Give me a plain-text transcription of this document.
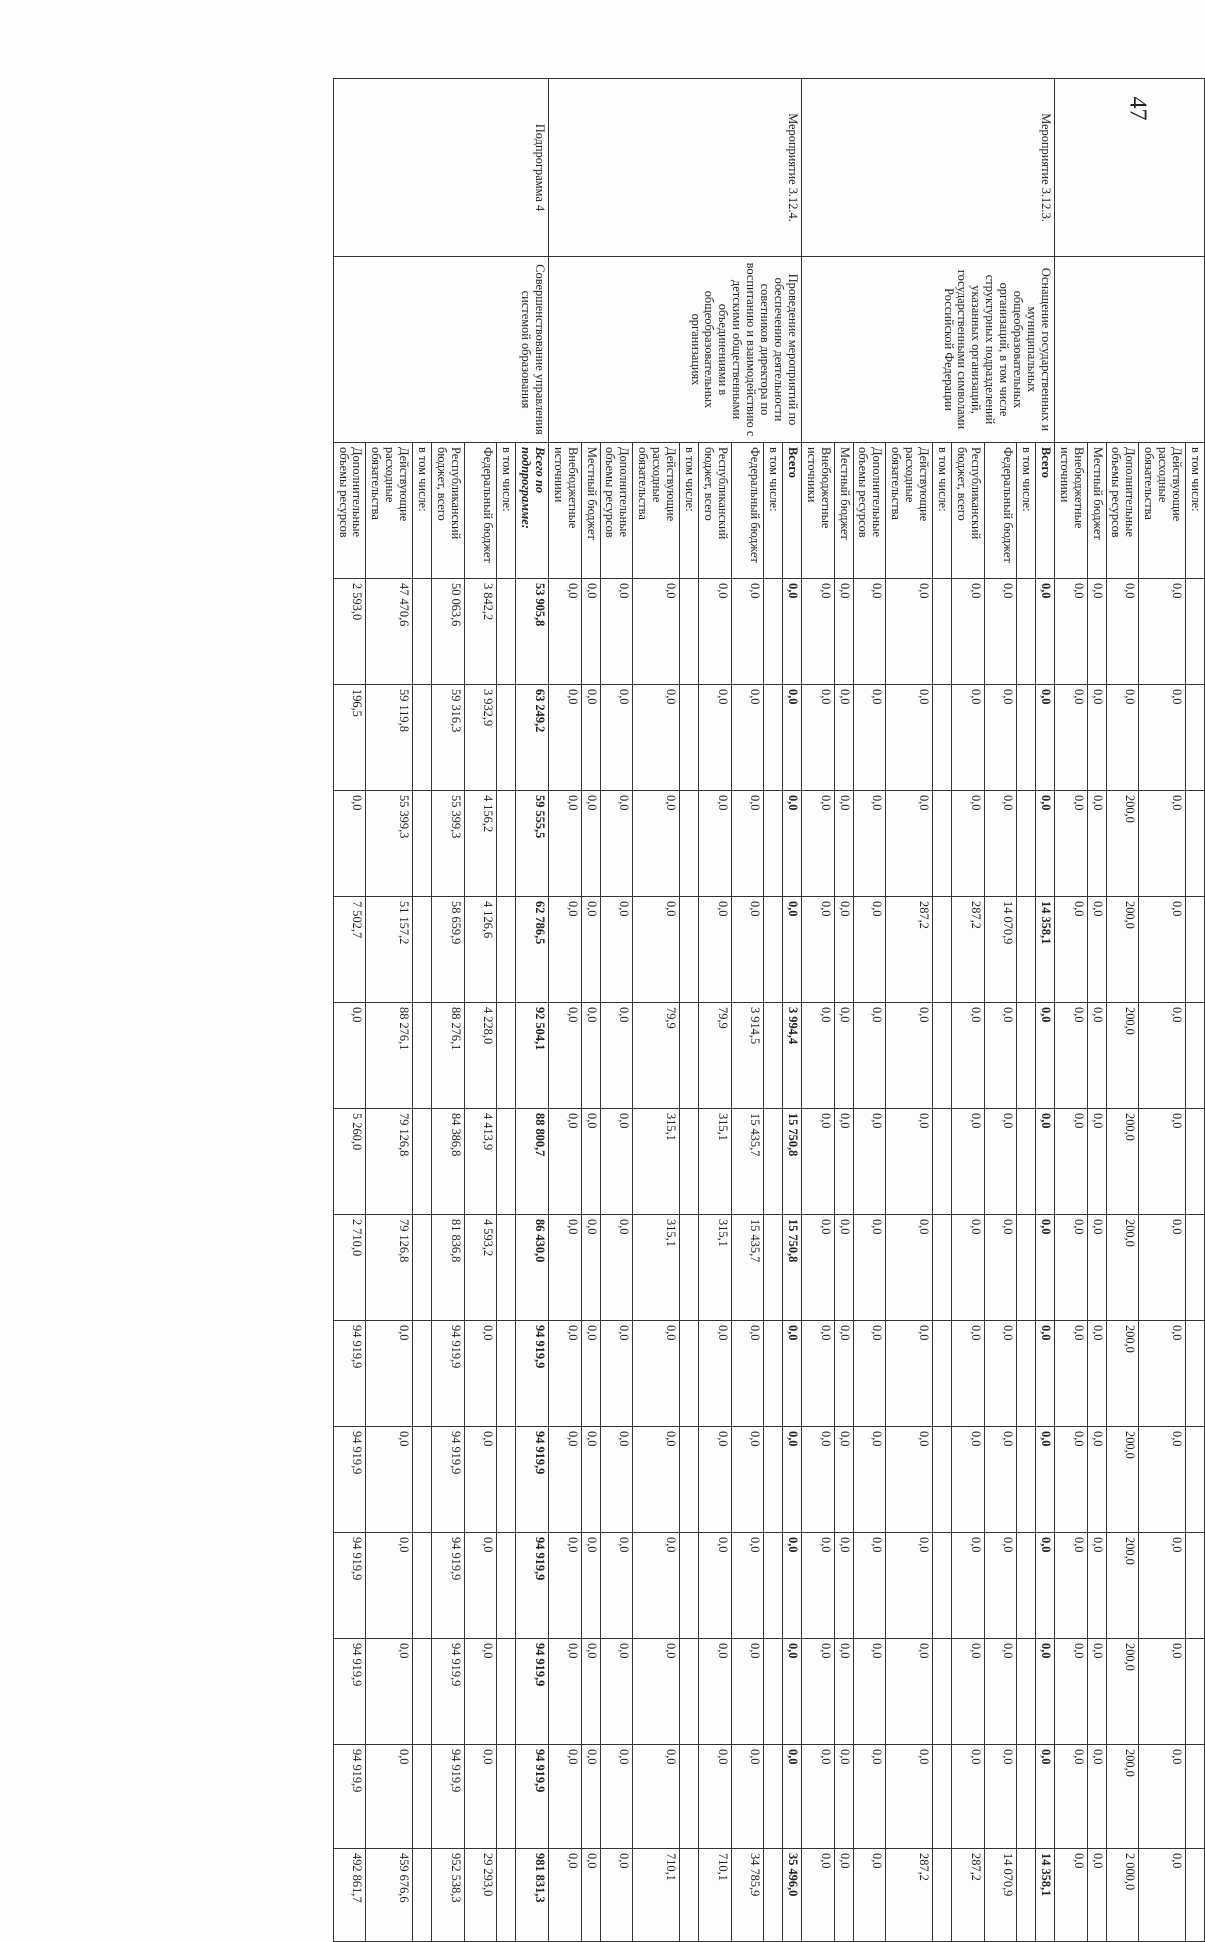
47
		в том числе:													
		Действующие расходные обязательства	0,0	0,0	0,0	0,0	0,0	0,0	0,0	0,0	0,0	0,0	0,0	0,0	0,0
		Дополнительные объемы ресурсов	0,0	0,0	200,0	200,0	200,0	200,0	200,0	200,0	200,0	200,0	200,0	200,0	2 000,0
		Местный бюджет	0,0	0,0	0,0	0,0	0,0	0,0	0,0	0,0	0,0	0,0	0,0	0,0	0,0
		Внебюджетные источники	0,0	0,0	0,0	0,0	0,0	0,0	0,0	0,0	0,0	0,0	0,0	0,0	0,0
Мероприятие 3.12.3.	Оснащение государственных и муниципальных общеобразовательных организаций, в том числе структурных подразделений указанных организаций, государственными символами Российской Федерации	Всего	0,0	0,0	0,0	14 358,1	0,0	0,0	0,0	0,0	0,0	0,0	0,0	0,0	14 358,1
		в том числе:													
		Федеральный бюджет	0,0	0,0	0,0	14 070,9	0,0	0,0	0,0	0,0	0,0	0,0	0,0	0,0	14 070,9
		Республиканский бюджет, всего	0,0	0,0	0,0	287,2	0,0	0,0	0,0	0,0	0,0	0,0	0,0	0,0	287,2
		в том числе:													
		Действующие расходные обязательства	0,0	0,0	0,0	287,2	0,0	0,0	0,0	0,0	0,0	0,0	0,0	0,0	287,2
		Дополнительные объемы ресурсов	0,0	0,0	0,0	0,0	0,0	0,0	0,0	0,0	0,0	0,0	0,0	0,0	0,0
		Местный бюджет	0,0	0,0	0,0	0,0	0,0	0,0	0,0	0,0	0,0	0,0	0,0	0,0	0,0
		Внебюджетные источники	0,0	0,0	0,0	0,0	0,0	0,0	0,0	0,0	0,0	0,0	0,0	0,0	0,0
Мероприятие 3.12.4.	Проведение мероприятий по обеспечению деятельности советников директора по воспитанию и взаимодействию с детскими общественными объединениями в общеобразовательных организациях	Всего	0,0	0,0	0,0	0,0	3 994,4	15 750,8	15 750,8	0,0	0,0	0,0	0,0	0,0	35 496,0
		в том числе:													
		Федеральный бюджет	0,0	0,0	0,0	0,0	3 914,5	15 435,7	15 435,7	0,0	0,0	0,0	0,0	0,0	34 785,9
		Республиканский бюджет, всего	0,0	0,0	0,0	0,0	79,9	315,1	315,1	0,0	0,0	0,0	0,0	0,0	710,1
		в том числе:													
		Действующие расходные обязательства	0,0	0,0	0,0	0,0	79,9	315,1	315,1	0,0	0,0	0,0	0,0	0,0	710,1
		Дополнительные объемы ресурсов	0,0	0,0	0,0	0,0	0,0	0,0	0,0	0,0	0,0	0,0	0,0	0,0	0,0
		Местный бюджет	0,0	0,0	0,0	0,0	0,0	0,0	0,0	0,0	0,0	0,0	0,0	0,0	0,0
		Внебюджетные источники	0,0	0,0	0,0	0,0	0,0	0,0	0,0	0,0	0,0	0,0	0,0	0,0	0,0
Подпрограмма 4	Совершенствование управления системой образования	Всего по подпрограмме:	53 905,8	63 249,2	59 555,5	62 786,5	92 504,1	88 800,7	86 430,0	94 919,9	94 919,9	94 919,9	94 919,9	94 919,9	981 831,3
		в том числе:													
		Федеральный бюджет	3 842,2	3 932,9	4 156,2	4 126,6	4 228,0	4 413,9	4 593,2	0,0	0,0	0,0	0,0	0,0	29 293,0
		Республиканский бюджет, всего	50 063,6	59 316,3	55 399,3	58 659,9	88 276,1	84 386,8	81 836,8	94 919,9	94 919,9	94 919,9	94 919,9	94 919,9	952 538,3
		в том числе:													
		Действующие расходные обязательства	47 470,6	59 119,8	55 399,3	51 157,2	88 276,1	79 126,8	79 126,8	0,0	0,0	0,0	0,0	0,0	459 676,6
		Дополнительные объемы ресурсов	2 593,0	196,5	0,0	7 502,7	0,0	5 260,0	2 710,0	94 919,9	94 919,9	94 919,9	94 919,9	94 919,9	492 861,7
